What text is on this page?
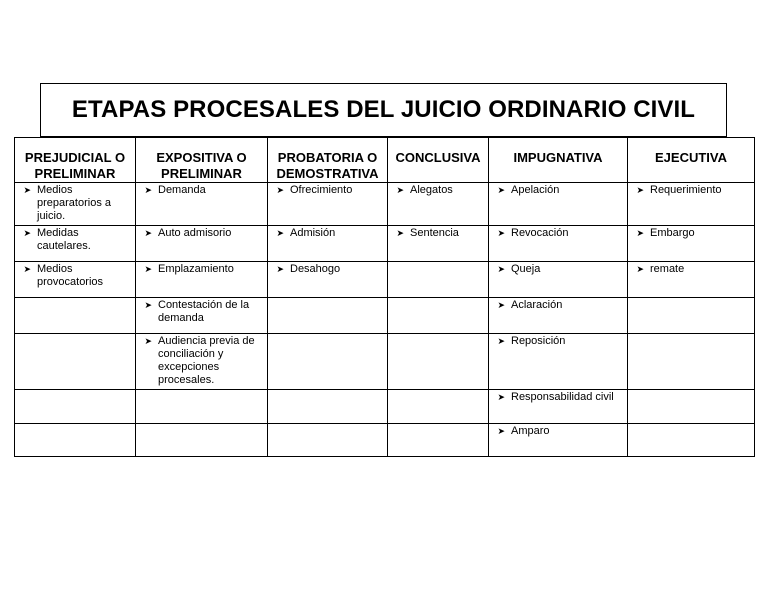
ETAPAS PROCESALES DEL JUICIO ORDINARIO CIVIL
PREJUDICIAL O PRELIMINAR	EXPOSITIVA O PRELIMINAR	PROBATORIA O DEMOSTRATIVA	CONCLUSIVA	IMPUGNATIVA	EJECUTIVA

➤ Medios preparatorios a juicio.	➤ Demanda	➤ Ofrecimiento	➤ Alegatos	➤ Apelación	➤ Requerimiento

➤ Medidas cautelares.	➤ Auto admisorio	➤ Admisión	➤ Sentencia	➤ Revocación	➤ Embargo

➤ Medios provocatorios	➤ Emplazamiento	➤ Desahogo		➤ Queja	➤ remate

	➤ Contestación de la demanda			➤ Aclaración	

	➤ Audiencia previa de conciliación y excepciones procesales.			➤ Reposición	

				➤ Responsabilidad civil	

				➤ Amparo	
